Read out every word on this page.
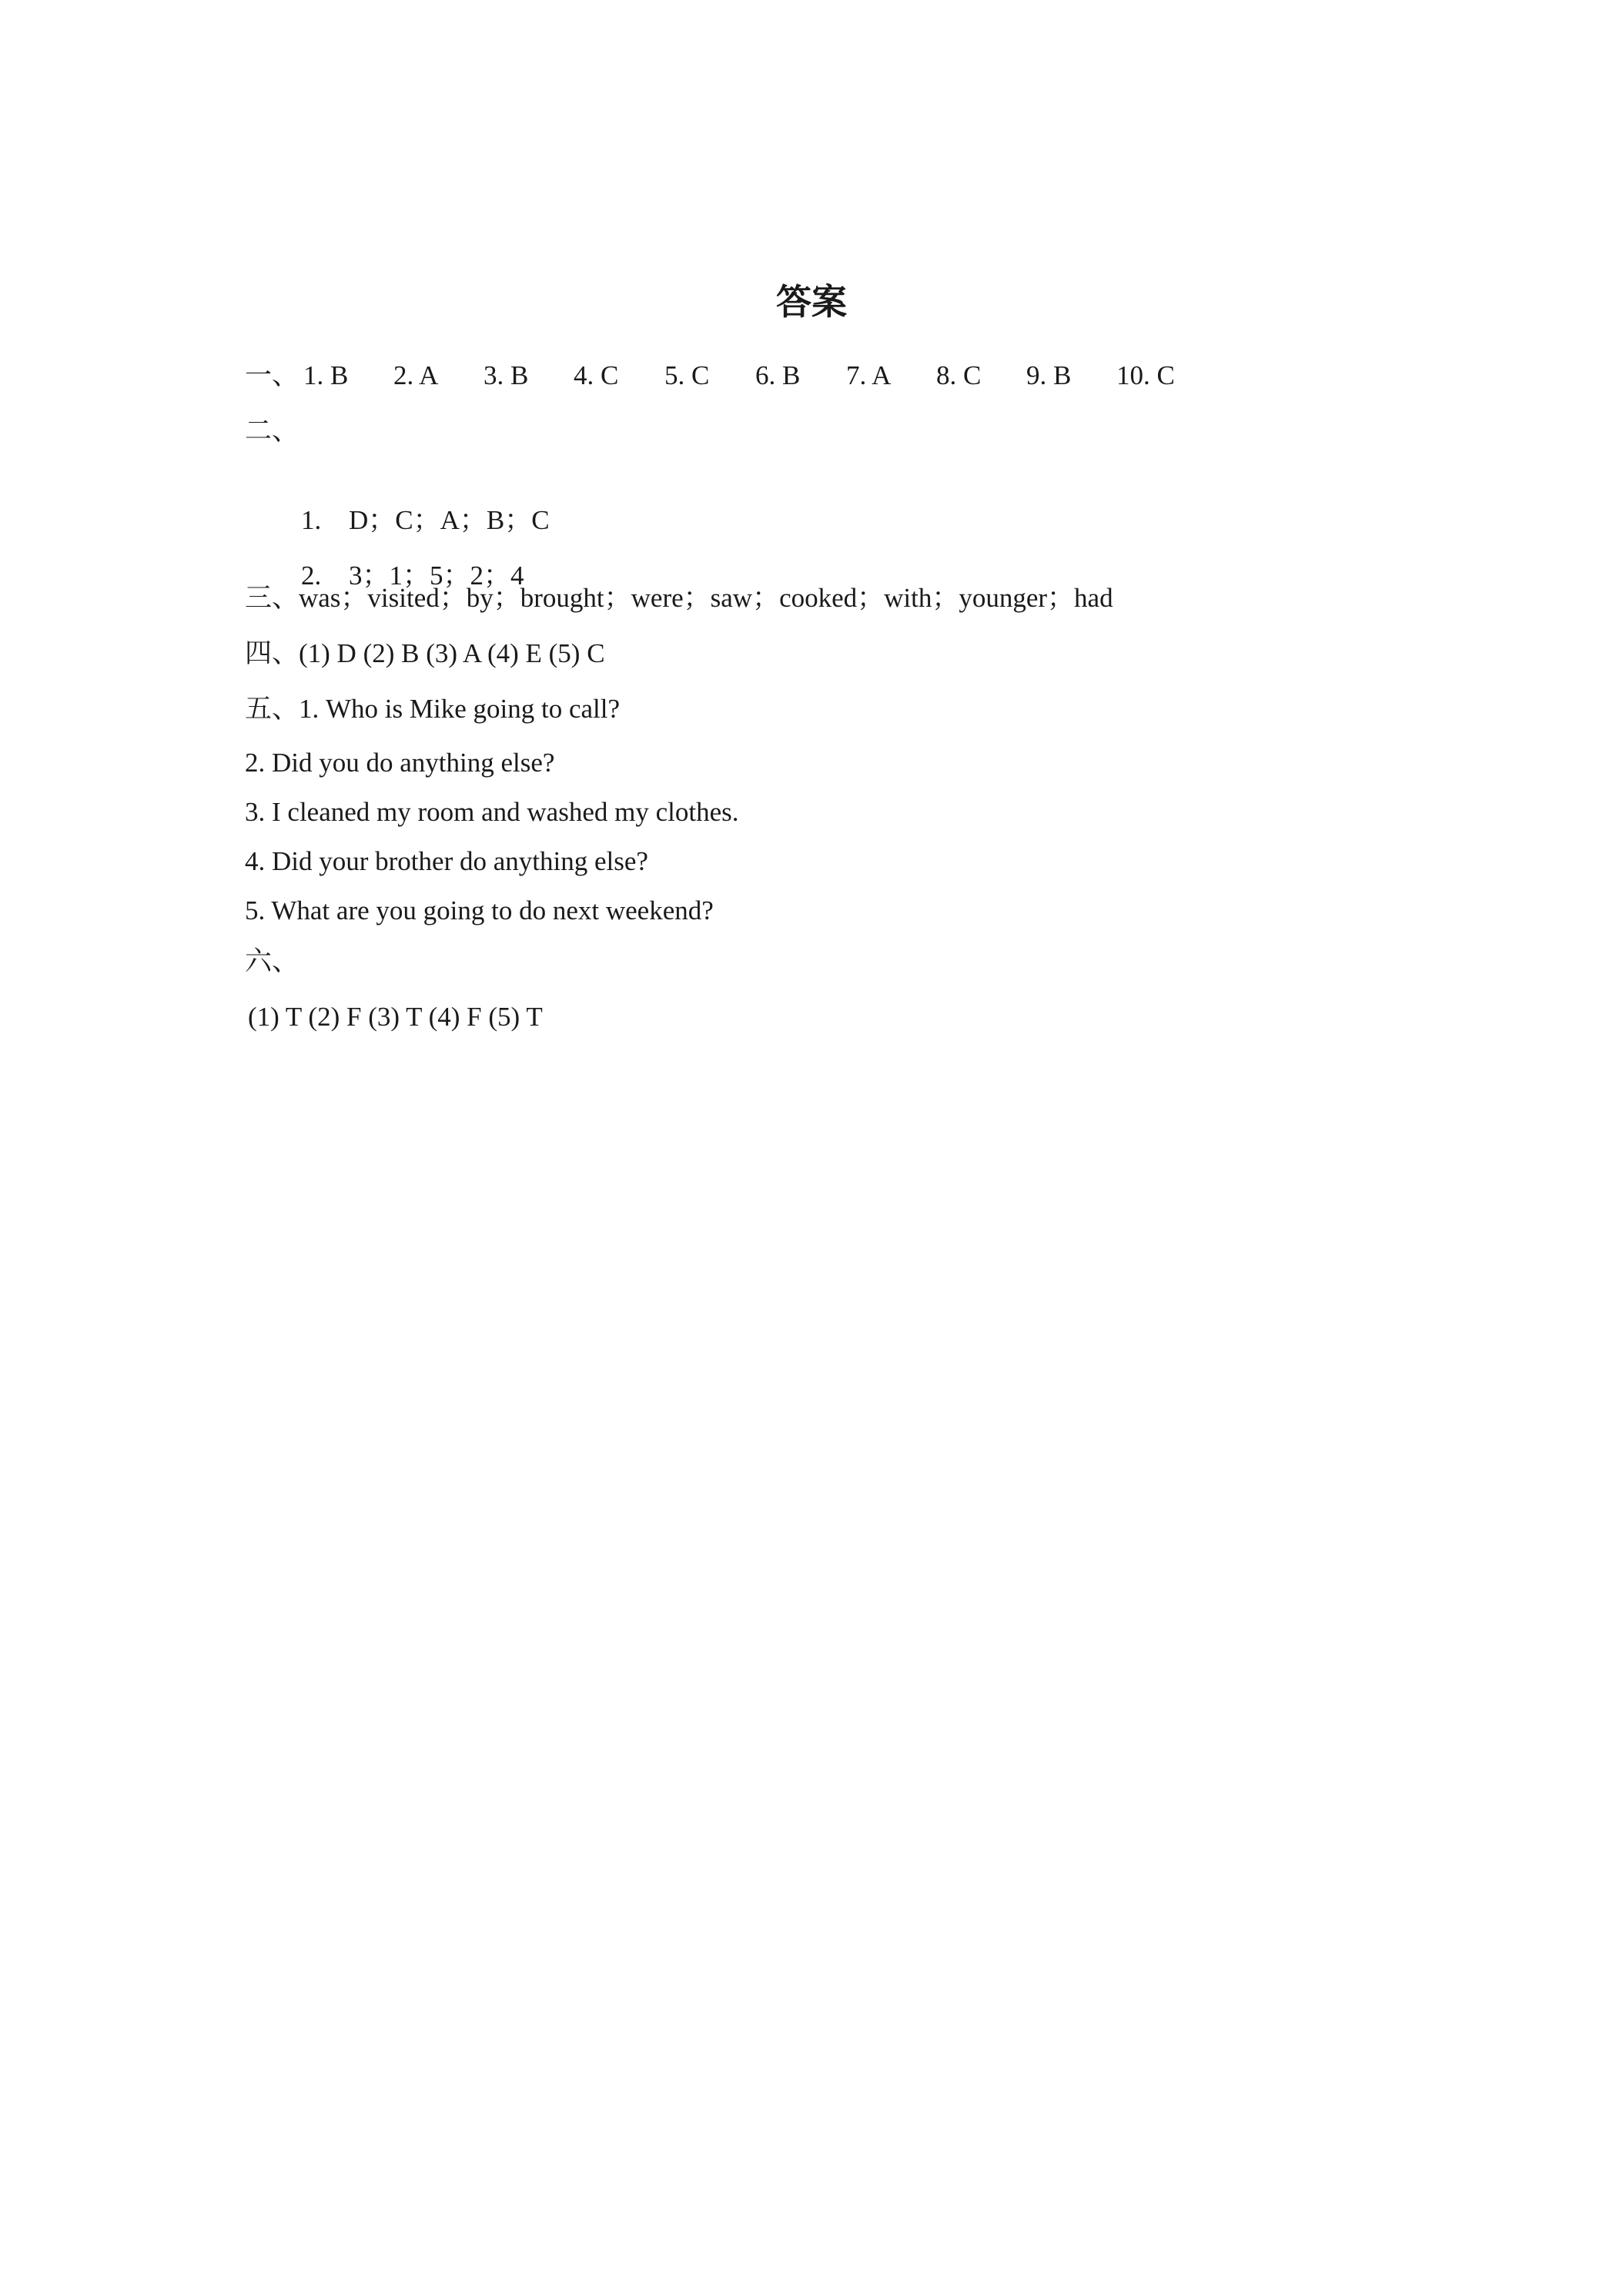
答案
一、 1. B	2. A	3. B	4. C	5. C	6. B	7. A	8. C	9. B	10. C
二、

1. D；C；A；B；C

2. 3；1；5；2；4

三、was；visited；by；brought；were；saw；cooked；with；younger；had
四、(1) D (2) B (3) A (4) E (5) C
五、1. Who is Mike going to call?
2. Did you do anything else?
3. I cleaned my room and washed my clothes.
4. Did your brother do anything else?
5. What are you going to do next weekend?
六、
(1) T (2) F (3) T (4) F (5) T
